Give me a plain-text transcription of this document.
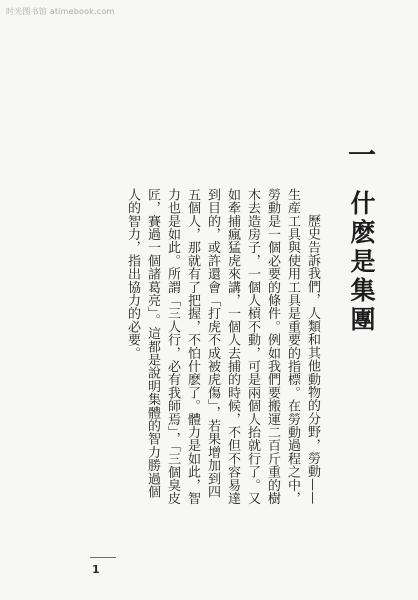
时光图书馆 atimebook.com
一
什麽是集團

歷史告訴我們，人類和其他動物的分野，勞動——生産工具與使用工具是重要的指標。在勞動過程之中，勞動是一個必要的條件。例如我們要搬運二百斤重的樹木去造房子，一個人槓不動，可是兩個人抬就行了。又如牽捕瘋猛虎來講，一個人去捕的時候，不但不容易達到目的，或許還會「打虎不成被虎傷」，若果增加到四五個人，那就有了把握，不怕什麽了。體力是如此，智力也是如此。所謂「三人行，必有我師焉」，「三個臭皮匠，賽過一個諸葛亮」。這都是說明集體的智力勝過個人的智力，指出協力的必要。

1
